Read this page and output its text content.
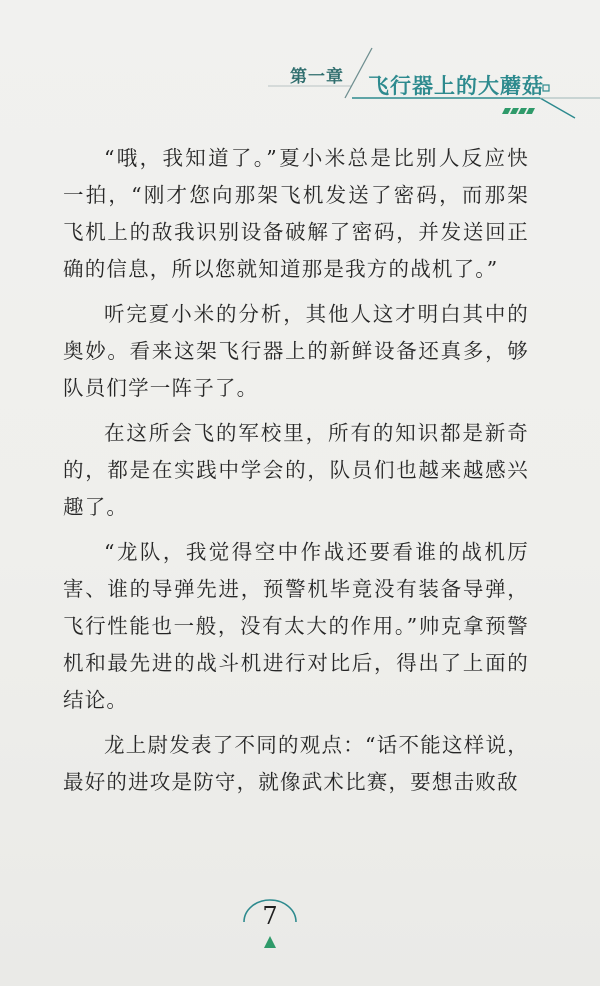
第一章 飞行器上的大蘑菇

“哦，我知道了。”夏小米总是比别人反应快一拍，“刚才您向那架飞机发送了密码，而那架飞机上的敌我识别设备破解了密码，并发送回正确的信息，所以您就知道那是我方的战机了。”

听完夏小米的分析，其他人这才明白其中的奥妙。看来这架飞行器上的新鲜设备还真多，够队员们学一阵子了。

在这所会飞的军校里，所有的知识都是新奇的，都是在实践中学会的，队员们也越来越感兴趣了。

“龙队，我觉得空中作战还要看谁的战机厉害、谁的导弹先进，预警机毕竟没有装备导弹，飞行性能也一般，没有太大的作用。”帅克拿预警机和最先进的战斗机进行对比后，得出了上面的结论。

龙上尉发表了不同的观点：“话不能这样说，最好的进攻是防守，就像武术比赛，要想击败敌

7
